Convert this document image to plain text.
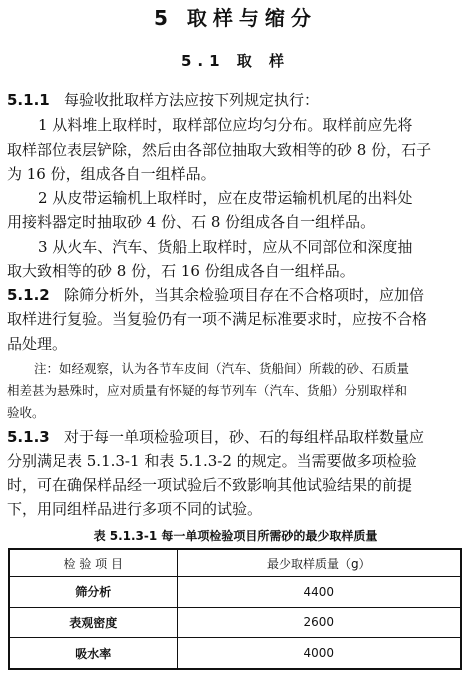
5 取样与缩分
5.1 取 样
5.1.1 每验收批取样方法应按下列规定执行：
1 从料堆上取样时，取样部位应均匀分布。取样前应先将
取样部位表层铲除，然后由各部位抽取大致相等的砂 8 份，石子
为 16 份，组成各自一组样品。
2 从皮带运输机上取样时，应在皮带运输机机尾的出料处
用接料器定时抽取砂 4 份、石 8 份组成各自一组样品。
3 从火车、汽车、货船上取样时，应从不同部位和深度抽
取大致相等的砂 8 份，石 16 份组成各自一组样品。
5.1.2 除筛分析外，当其余检验项目存在不合格项时，应加倍
取样进行复验。当复验仍有一项不满足标准要求时，应按不合格
品处理。
注：如经观察，认为各节车皮间（汽车、货船间）所载的砂、石质量
相差甚为悬殊时，应对质量有怀疑的每节列车（汽车、货船）分别取样和
验收。
5.1.3 对于每一单项检验项目，砂、石的每组样品取样数量应
分别满足表 5.1.3-1 和表 5.1.3-2 的规定。当需要做多项检验
时，可在确保样品经一项试验后不致影响其他试验结果的前提
下，用同组样品进行多项不同的试验。
表 5.1.3-1 每一单项检验项目所需砂的最少取样质量
检 验 项 目	最少取样质量（g）
筛分析	4400
表观密度	2600
吸水率	4000
